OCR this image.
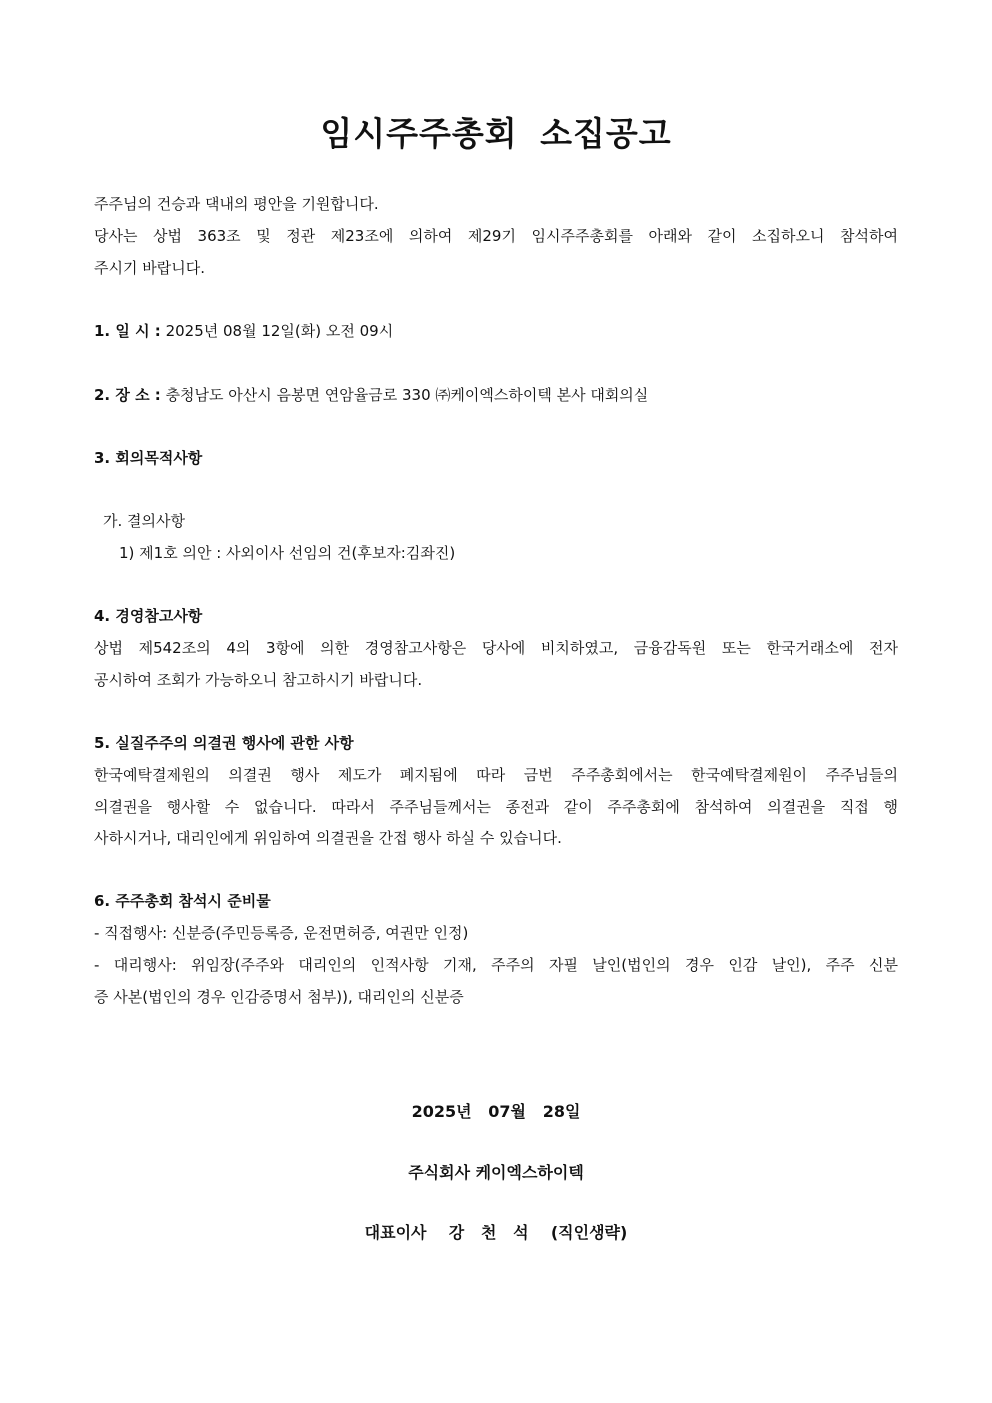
임시주주총회 소집공고
주주님의 건승과 댁내의 평안을 기원합니다.
당사는 상법 363조 및 정관 제23조에 의하여 제29기 임시주주총회를 아래와 같이 소집하오니 참석하여
주시기 바랍니다.
1. 일 시 : 2025년 08월 12일(화) 오전 09시
2. 장 소 : 충청남도 아산시 음봉면 연암율금로 330 ㈜케이엑스하이텍 본사 대회의실
3. 회의목적사항
가. 결의사항
1) 제1호 의안 : 사외이사 선임의 건(후보자:김좌진)
4. 경영참고사항
상법 제542조의 4의 3항에 의한 경영참고사항은 당사에 비치하였고, 금융감독원 또는 한국거래소에 전자
공시하여 조회가 가능하오니 참고하시기 바랍니다.
5. 실질주주의 의결권 행사에 관한 사항
한국예탁결제원의 의결권 행사 제도가 폐지됨에 따라 금번 주주총회에서는 한국예탁결제원이 주주님들의
의결권을 행사할 수 없습니다. 따라서 주주님들께서는 종전과 같이 주주총회에 참석하여 의결권을 직접 행
사하시거나, 대리인에게 위임하여 의결권을 간접 행사 하실 수 있습니다.
6. 주주총회 참석시 준비물
- 직접행사: 신분증(주민등록증, 운전면허증, 여권만 인정)
- 대리행사: 위임장(주주와 대리인의 인적사항 기재, 주주의 자필 날인(법인의 경우 인감 날인), 주주 신분
증 사본(법인의 경우 인감증명서 첨부)), 대리인의 신분증
2025년   07월   28일
주식회사 케이엑스하이텍
대표이사    강   천   석    (직인생략)
